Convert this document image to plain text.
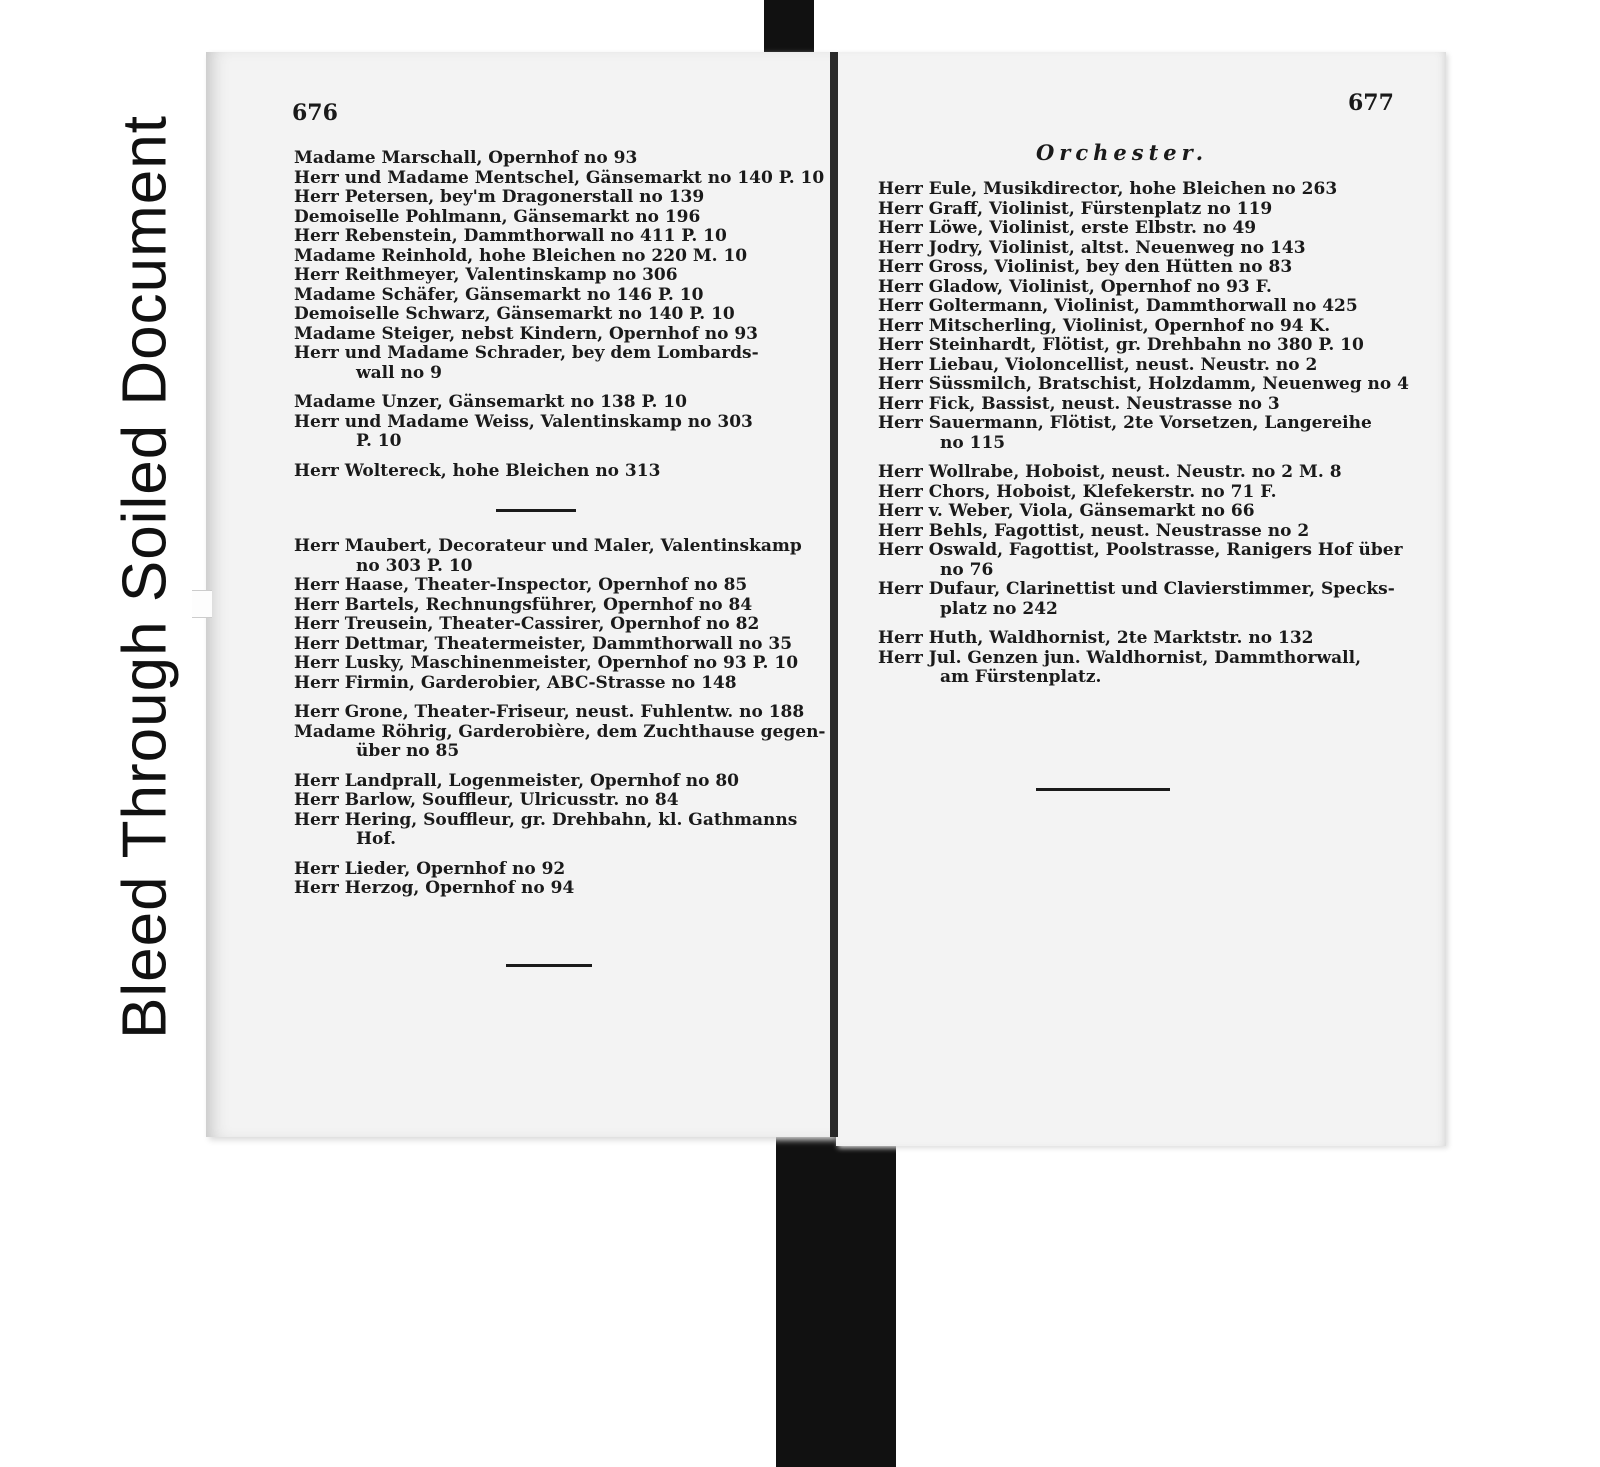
Bleed Through Soiled Document
676
Madame Marschall, Opernhof no 93
Herr und Madame Mentschel, Gänsemarkt no 140 P. 10
Herr Petersen, bey'm Dragonerstall no 139
Demoiselle Pohlmann, Gänsemarkt no 196
Herr Rebenstein, Dammthorwall no 411 P. 10
Madame Reinhold, hohe Bleichen no 220 M. 10
Herr Reithmeyer, Valentinskamp no 306
Madame Schäfer, Gänsemarkt no 146 P. 10
Demoiselle Schwarz, Gänsemarkt no 140 P. 10
Madame Steiger, nebst Kindern, Opernhof no 93
Herr und Madame Schrader, bey dem Lombards-
wall no 9
Madame Unzer, Gänsemarkt no 138 P. 10
Herr und Madame Weiss, Valentinskamp no 303
P. 10
Herr Woltereck, hohe Bleichen no 313
Herr Maubert, Decorateur und Maler, Valentinskamp
no 303 P. 10
Herr Haase, Theater-Inspector, Opernhof no 85
Herr Bartels, Rechnungsführer, Opernhof no 84
Herr Treusein, Theater-Cassirer, Opernhof no 82
Herr Dettmar, Theatermeister, Dammthorwall no 35
Herr Lusky, Maschinenmeister, Opernhof no 93 P. 10
Herr Firmin, Garderobier, ABC-Strasse no 148
Herr Grone, Theater-Friseur, neust. Fuhlentw. no 188
Madame Röhrig, Garderobière, dem Zuchthause gegen-
über no 85
Herr Landprall, Logenmeister, Opernhof no 80
Herr Barlow, Souffleur, Ulricusstr. no 84
Herr Hering, Souffleur, gr. Drehbahn, kl. Gathmanns
Hof.
Herr Lieder, Opernhof no 92
Herr Herzog, Opernhof no 94
677
Orchester.
Herr Eule, Musikdirector, hohe Bleichen no 263
Herr Graff, Violinist, Fürstenplatz no 119
Herr Löwe, Violinist, erste Elbstr. no 49
Herr Jodry, Violinist, altst. Neuenweg no 143
Herr Gross, Violinist, bey den Hütten no 83
Herr Gladow, Violinist, Opernhof no 93 F.
Herr Goltermann, Violinist, Dammthorwall no 425
Herr Mitscherling, Violinist, Opernhof no 94 K.
Herr Steinhardt, Flötist, gr. Drehbahn no 380 P. 10
Herr Liebau, Violoncellist, neust. Neustr. no 2
Herr Süssmilch, Bratschist, Holzdamm, Neuenweg no 4
Herr Fick, Bassist, neust. Neustrasse no 3
Herr Sauermann, Flötist, 2te Vorsetzen, Langereihe
no 115
Herr Wollrabe, Hoboist, neust. Neustr. no 2 M. 8
Herr Chors, Hoboist, Klefekerstr. no 71 F.
Herr v. Weber, Viola, Gänsemarkt no 66
Herr Behls, Fagottist, neust. Neustrasse no 2
Herr Oswald, Fagottist, Poolstrasse, Ranigers Hof über
no 76
Herr Dufaur, Clarinettist und Clavierstimmer, Specks-
platz no 242
Herr Huth, Waldhornist, 2te Marktstr. no 132
Herr Jul. Genzen jun. Waldhornist, Dammthorwall,
am Fürstenplatz.
